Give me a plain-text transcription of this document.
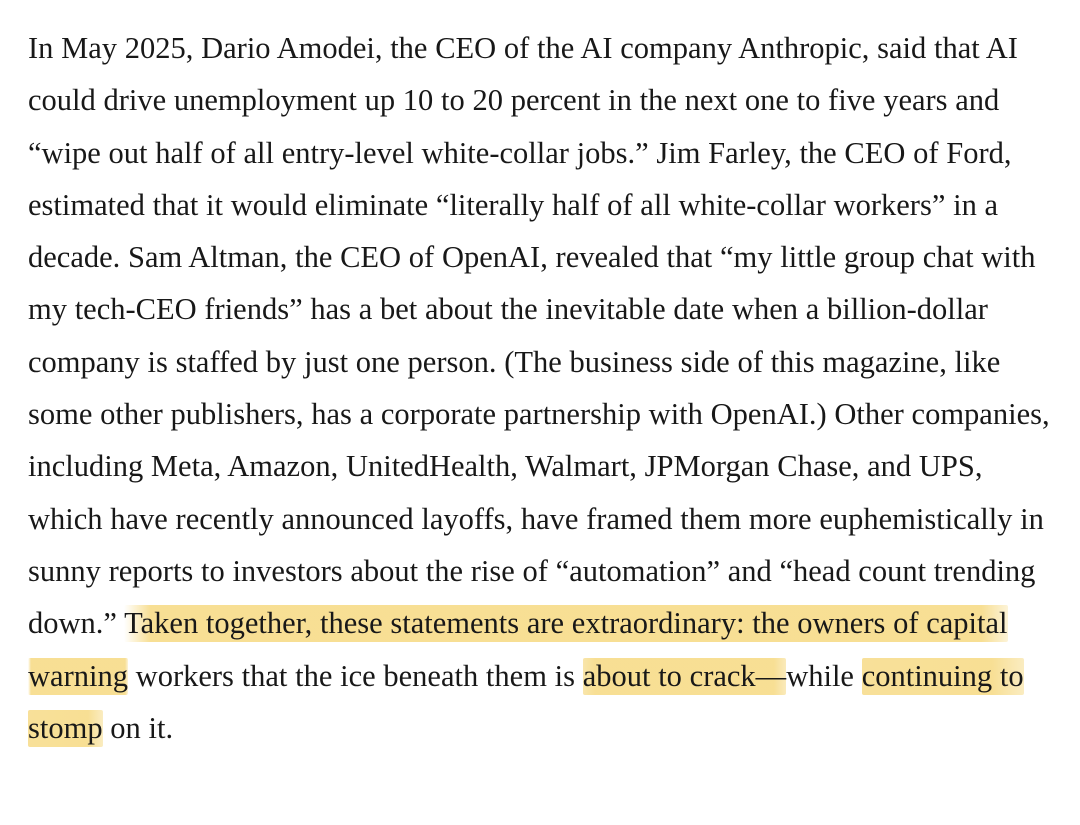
In May 2025, Dario Amodei, the CEO of the AI company Anthropic, said that AI could drive unemployment up 10 to 20 percent in the next one to five years and “wipe out half of all entry-level white-collar jobs.” Jim Farley, the CEO of Ford, estimated that it would eliminate “literally half of all white-collar workers” in a decade. Sam Altman, the CEO of OpenAI, revealed that “my little group chat with my tech-CEO friends” has a bet about the inevitable date when a billion-dollar company is staffed by just one person. (The business side of this magazine, like some other publishers, has a corporate partnership with OpenAI.) Other companies, including Meta, Amazon, UnitedHealth, Walmart, JPMorgan Chase, and UPS, which have recently announced layoffs, have framed them more euphemistically in sunny reports to investors about the rise of “automation” and “head count trending down.” Taken together, these statements are extraordinary: the owners of capital warning workers that the ice beneath them is about to crack—while continuing to stomp on it.
